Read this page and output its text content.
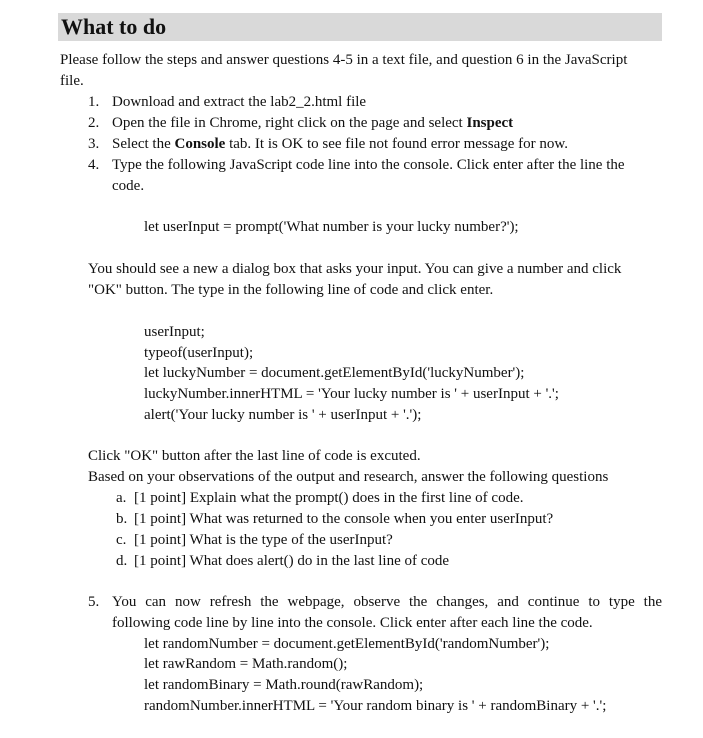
What to do
Please follow the steps and answer questions 4-5 in a text file, and question 6 in the JavaScript
file.
1. Download and extract the lab2_2.html file
2. Open the file in Chrome, right click on the page and select Inspect
3. Select the Console tab. It is OK to see file not found error message for now.
4. Type the following JavaScript code line into the console. Click enter after the line the
code.
let userInput = prompt('What number is your lucky number?');
You should see a new a dialog box that asks your input. You can give a number and click
"OK" button. The type in the following line of code and click enter.
userInput;
typeof(userInput);
let luckyNumber = document.getElementById('luckyNumber');
luckyNumber.innerHTML = 'Your lucky number is ' + userInput + '.';
alert('Your lucky number is ' + userInput + '.');
Click "OK" button after the last line of code is excuted.
Based on your observations of the output and research, answer the following questions
a. [1 point] Explain what the prompt() does in the first line of code.
b. [1 point] What was returned to the console when you enter userInput?
c. [1 point] What is the type of the userInput?
d. [1 point] What does alert() do in the last line of code
5. You can now refresh the webpage, observe the changes, and continue to type the
following code line by line into the console. Click enter after each line the code.
let randomNumber = document.getElementById('randomNumber');
let rawRandom = Math.random();
let randomBinary = Math.round(rawRandom);
randomNumber.innerHTML = 'Your random binary is ' + randomBinary + '.';
